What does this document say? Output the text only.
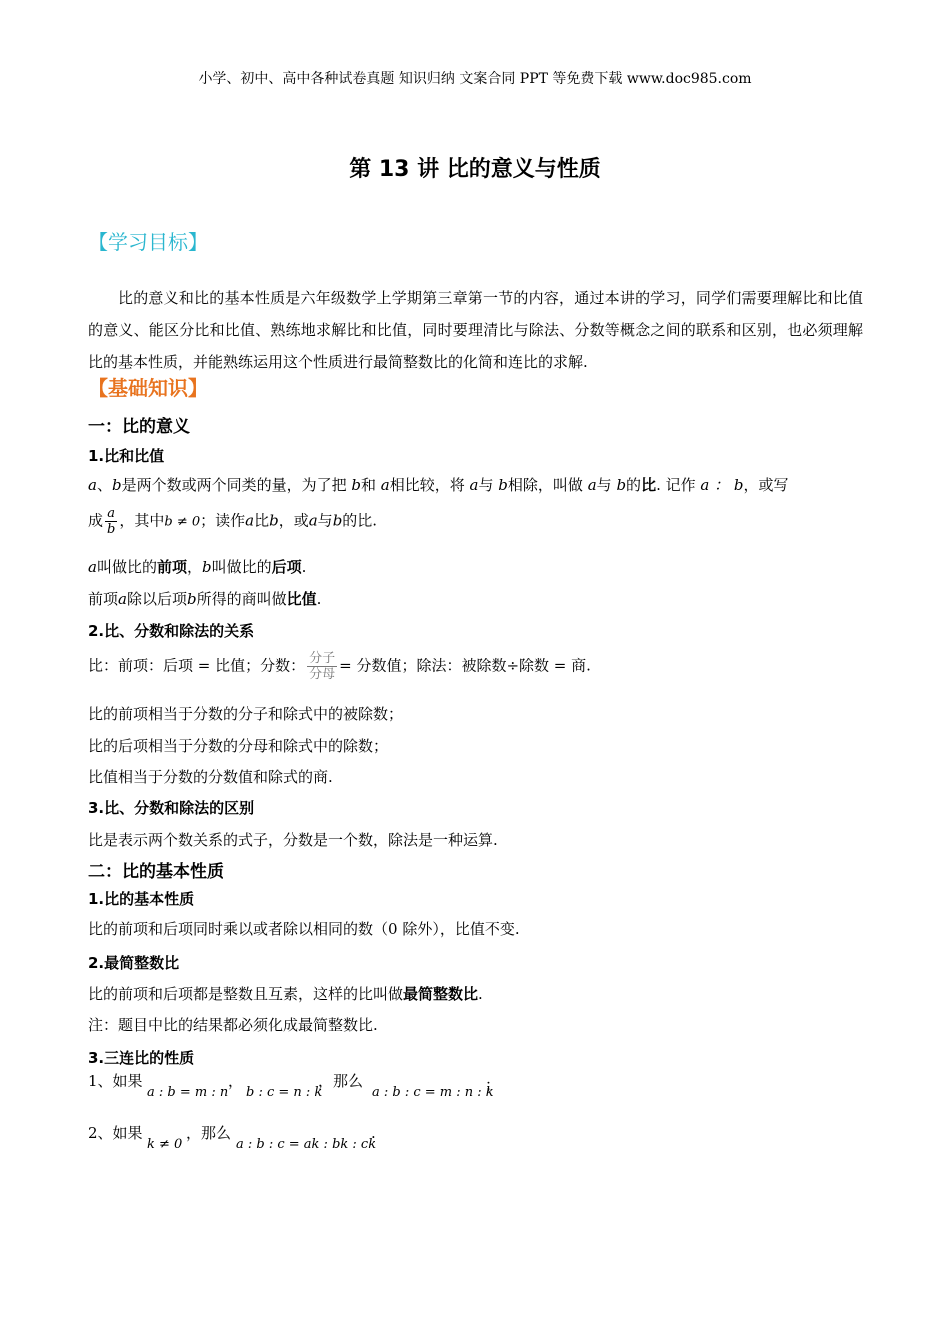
小学、初中、高中各种试卷真题 知识归纳 文案合同 PPT 等免费下载 www.doc985.com
第 13 讲 比的意义与性质
【学习目标】
比的意义和比的基本性质是六年级数学上学期第三章第一节的内容，通过本讲的学习，同学们需要理解比和比值的意义、能区分比和比值、熟练地求解比和比值，同时要理清比与除法、分数等概念之间的联系和区别，也必须理解比的基本性质，并能熟练运用这个性质进行最简整数比的化简和连比的求解.
【基础知识】
一：比的意义
1.比和比值
a、b是两个数或两个同类的量，为了把 b和 a相比较，将 a与 b相除，叫做 a与 b的比. 记作 a ： b，或写
成 $\frac{a}{b}$ ，其中b ≠ 0；读作a比b，或a与b的比.
a叫做比的前项，b叫做比的后项.
前项a除以后项b所得的商叫做比值.
2.比、分数和除法的关系
比：前项：后项 = 比值；分数： $\frac{\text{分子}}{\text{分母}}$ = 分数值；除法：被除数÷除数 = 商.
比的前项相当于分数的分子和除式中的被除数；
比的后项相当于分数的分母和除式中的除数；
比值相当于分数的分数值和除式的商.
3.比、分数和除法的区别
比是表示两个数关系的式子，分数是一个数，除法是一种运算.
二：比的基本性质
1.比的基本性质
比的前项和后项同时乘以或者除以相同的数（0 除外），比值不变.
2.最简整数比
比的前项和后项都是整数且互素，这样的比叫做最简整数比.
注：题目中比的结果都必须化成最简整数比.
3.三连比的性质
1、如果
a : b = m : n
，
b : c = n : k
，那么
a : b : c = m : n : k
；
2、如果
k ≠ 0
，那么
a : b : c = ak : bk : ck
.
